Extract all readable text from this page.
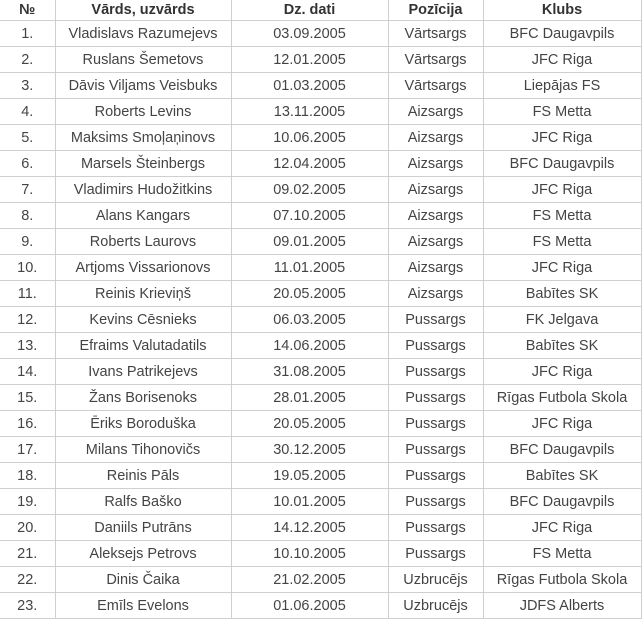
№	Vārds, uzvārds	Dz. dati	Pozīcija	Klubs
1.	Vladislavs Razumejevs	03.09.2005	Vārtsargs	BFC Daugavpils
2.	Ruslans Šemetovs	12.01.2005	Vārtsargs	JFC Riga
3.	Dāvis Viljams Veisbuks	01.03.2005	Vārtsargs	Liepājas FS
4.	Roberts Levins	13.11.2005	Aizsargs	FS Metta
5.	Maksims Smoļaņinovs	10.06.2005	Aizsargs	JFC Riga
6.	Marsels Šteinbergs	12.04.2005	Aizsargs	BFC Daugavpils
7.	Vladimirs Hudožitkins	09.02.2005	Aizsargs	JFC Riga
8.	Alans Kangars	07.10.2005	Aizsargs	FS Metta
9.	Roberts Laurovs	09.01.2005	Aizsargs	FS Metta
10.	Artjoms Vissarionovs	11.01.2005	Aizsargs	JFC Riga
11.	Reinis Krieviņš	20.05.2005	Aizsargs	Babītes SK
12.	Kevins Cēsnieks	06.03.2005	Pussargs	FK Jelgava
13.	Efraims Valutadatils	14.06.2005	Pussargs	Babītes SK
14.	Ivans Patrikejevs	31.08.2005	Pussargs	JFC Riga
15.	Žans Borisenoks	28.01.2005	Pussargs	Rīgas Futbola Skola
16.	Ēriks Boroduška	20.05.2005	Pussargs	JFC Riga
17.	Milans Tihonovičs	30.12.2005	Pussargs	BFC Daugavpils
18.	Reinis Pāls	19.05.2005	Pussargs	Babītes SK
19.	Ralfs Baško	10.01.2005	Pussargs	BFC Daugavpils
20.	Daniils Putrāns	14.12.2005	Pussargs	JFC Riga
21.	Aleksejs Petrovs	10.10.2005	Pussargs	FS Metta
22.	Dinis Čaika	21.02.2005	Uzbrucējs	Rīgas Futbola Skola
23.	Emīls Evelons	01.06.2005	Uzbrucējs	JDFS Alberts
